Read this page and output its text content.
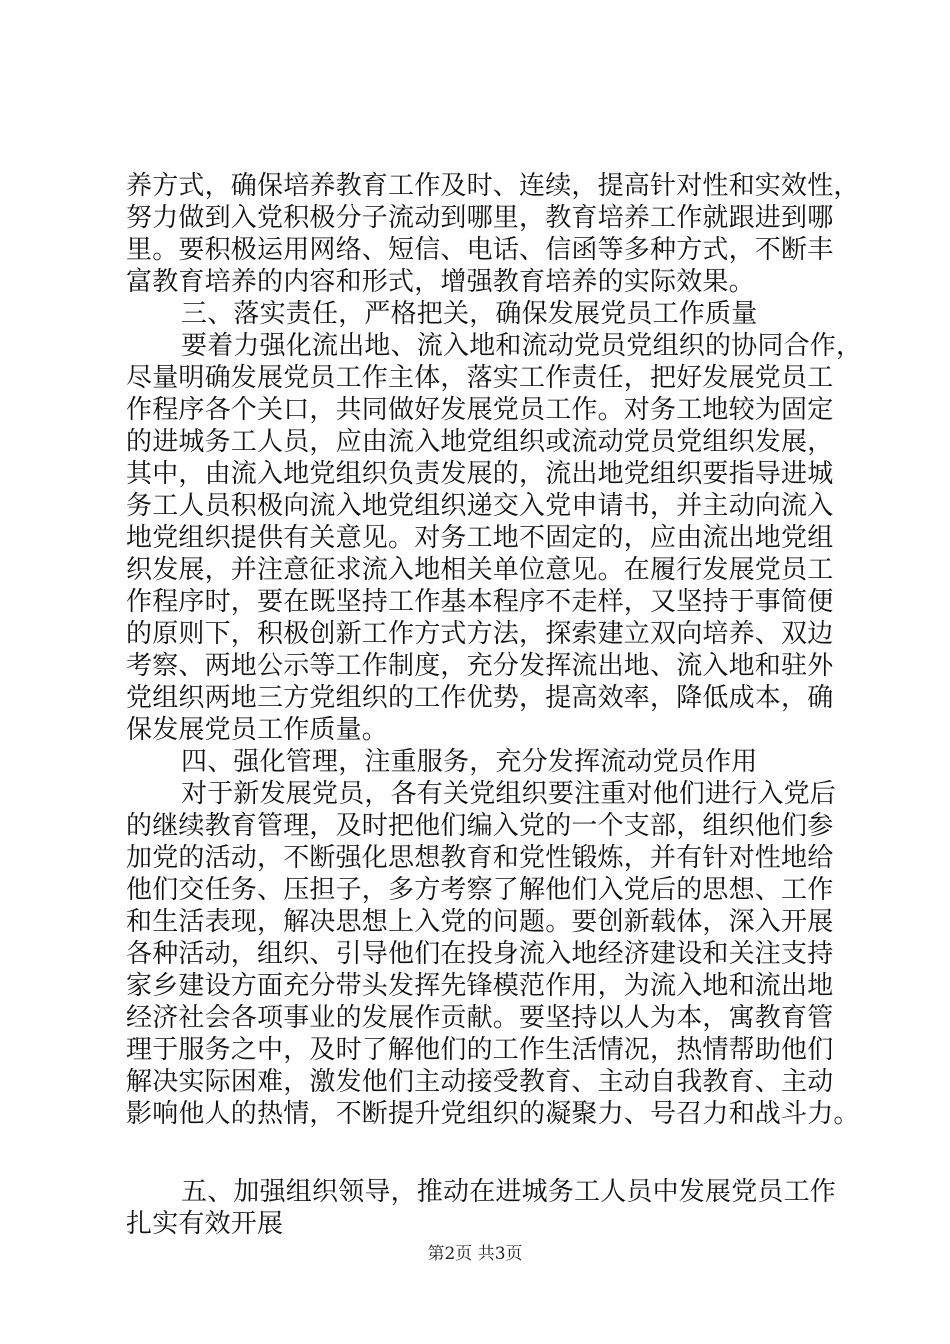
养方式，确保培养教育工作及时、连续，提高针对性和实效性，
努力做到入党积极分子流动到哪里，教育培养工作就跟进到哪
里。要积极运用网络、短信、电话、信函等多种方式，不断丰
富教育培养的内容和形式，增强教育培养的实际效果。
三、落实责任，严格把关，确保发展党员工作质量
要着力强化流出地、流入地和流动党员党组织的协同合作，
尽量明确发展党员工作主体，落实工作责任，把好发展党员工
作程序各个关口，共同做好发展党员工作。对务工地较为固定
的进城务工人员，应由流入地党组织或流动党员党组织发展，
其中，由流入地党组织负责发展的，流出地党组织要指导进城
务工人员积极向流入地党组织递交入党申请书，并主动向流入
地党组织提供有关意见。对务工地不固定的，应由流出地党组
织发展，并注意征求流入地相关单位意见。在履行发展党员工
作程序时，要在既坚持工作基本程序不走样，又坚持于事简便
的原则下，积极创新工作方式方法，探索建立双向培养、双边
考察、两地公示等工作制度，充分发挥流出地、流入地和驻外
党组织两地三方党组织的工作优势，提高效率，降低成本，确
保发展党员工作质量。
四、强化管理，注重服务，充分发挥流动党员作用
对于新发展党员，各有关党组织要注重对他们进行入党后
的继续教育管理，及时把他们编入党的一个支部，组织他们参
加党的活动，不断强化思想教育和党性锻炼，并有针对性地给
他们交任务、压担子，多方考察了解他们入党后的思想、工作
和生活表现，解决思想上入党的问题。要创新载体，深入开展
各种活动，组织、引导他们在投身流入地经济建设和关注支持
家乡建设方面充分带头发挥先锋模范作用，为流入地和流出地
经济社会各项事业的发展作贡献。要坚持以人为本，寓教育管
理于服务之中，及时了解他们的工作生活情况，热情帮助他们
解决实际困难，激发他们主动接受教育、主动自我教育、主动
影响他人的热情，不断提升党组织的凝聚力、号召力和战斗力。
五、加强组织领导，推动在进城务工人员中发展党员工作
扎实有效开展
第2页 共3页
